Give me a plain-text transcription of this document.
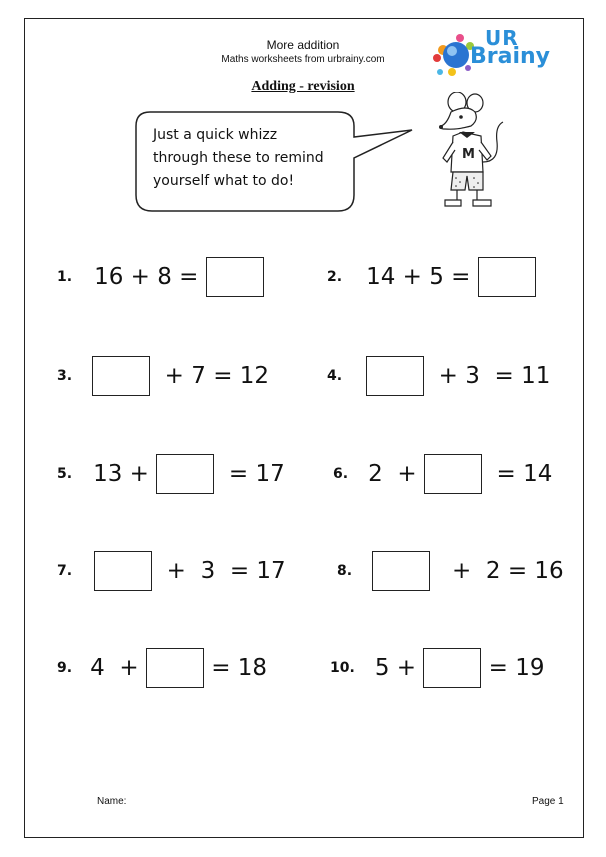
More addition
Maths worksheets from urbrainy.com
Adding - revision
UR
Brainy
Just a quick whizz
through these to remind
yourself what to do!
M
1. 16 + 8 =	2. 14 + 5 =
3.	+ 7 = 12	4.	+ 3  = 11
5. 13 +	= 17	6. 2  +	= 14
7.	+  3  = 17	8.	+  2 = 16
9. 4  +	= 18	10. 5 +	= 19
Name:	Page 1
